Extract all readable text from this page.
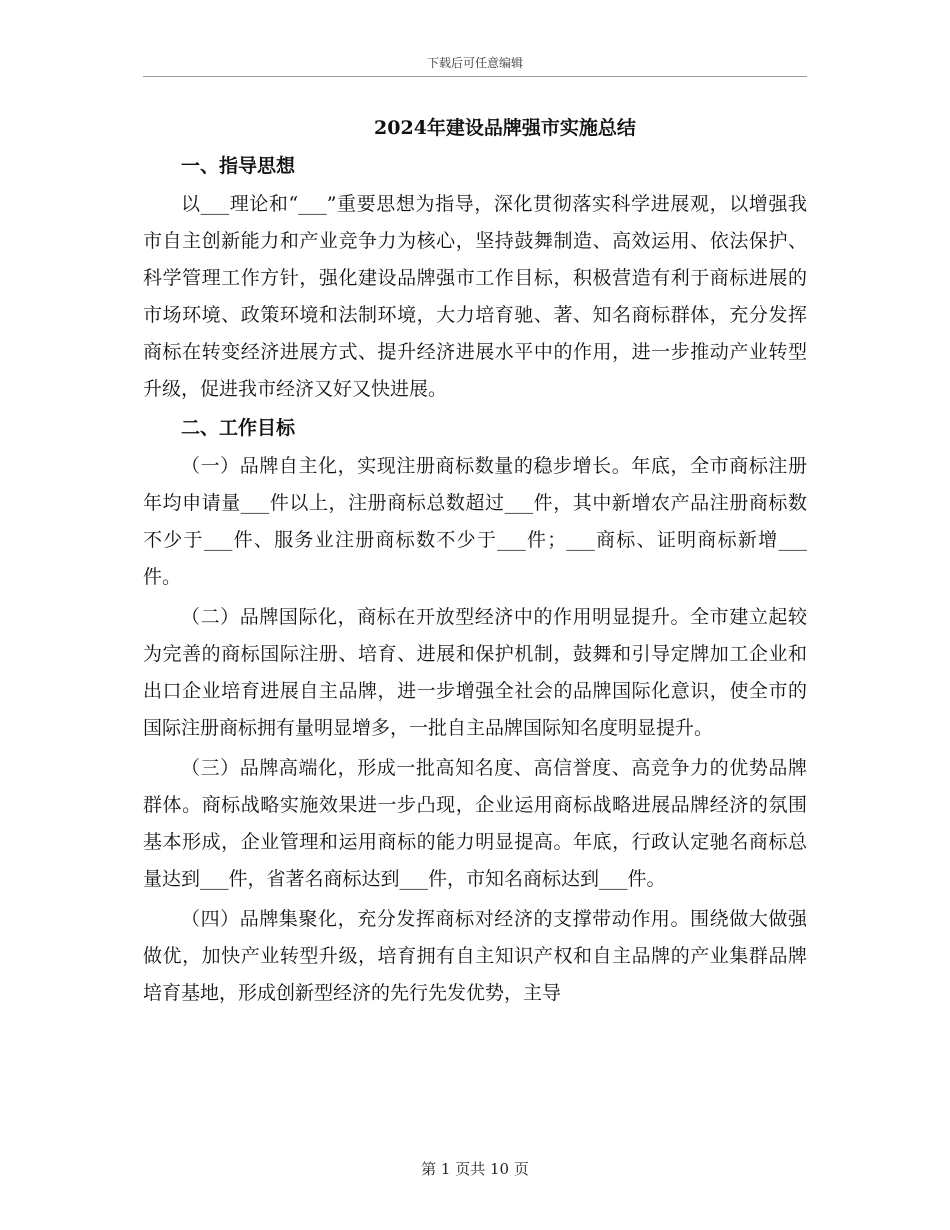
下载后可任意编辑
2024年建设品牌强市实施总结
一、指导思想

以___理论和“___”重要思想为指导，深化贯彻落实科学进展观，以增强我市自主创新能力和产业竞争力为核心，坚持鼓舞制造、高效运用、依法保护、科学管理工作方针，强化建设品牌强市工作目标，积极营造有利于商标进展的市场环境、政策环境和法制环境，大力培育驰、著、知名商标群体，充分发挥商标在转变经济进展方式、提升经济进展水平中的作用，进一步推动产业转型升级，促进我市经济又好又快进展。

二、工作目标

（一）品牌自主化，实现注册商标数量的稳步增长。年底，全市商标注册年均申请量___件以上，注册商标总数超过___件，其中新增农产品注册商标数不少于___件、服务业注册商标数不少于___件；___商标、证明商标新增___件。

（二）品牌国际化，商标在开放型经济中的作用明显提升。全市建立起较为完善的商标国际注册、培育、进展和保护机制，鼓舞和引导定牌加工企业和出口企业培育进展自主品牌，进一步增强全社会的品牌国际化意识，使全市的国际注册商标拥有量明显增多，一批自主品牌国际知名度明显提升。

（三）品牌高端化，形成一批高知名度、高信誉度、高竞争力的优势品牌群体。商标战略实施效果进一步凸现，企业运用商标战略进展品牌经济的氛围基本形成，企业管理和运用商标的能力明显提高。年底，行政认定驰名商标总量达到___件，省著名商标达到___件，市知名商标达到___件。

（四）品牌集聚化，充分发挥商标对经济的支撑带动作用。围绕做大做强做优，加快产业转型升级，培育拥有自主知识产权和自主品牌的产业集群品牌培育基地，形成创新型经济的先行先发优势，主导

第 1 页共 10 页
